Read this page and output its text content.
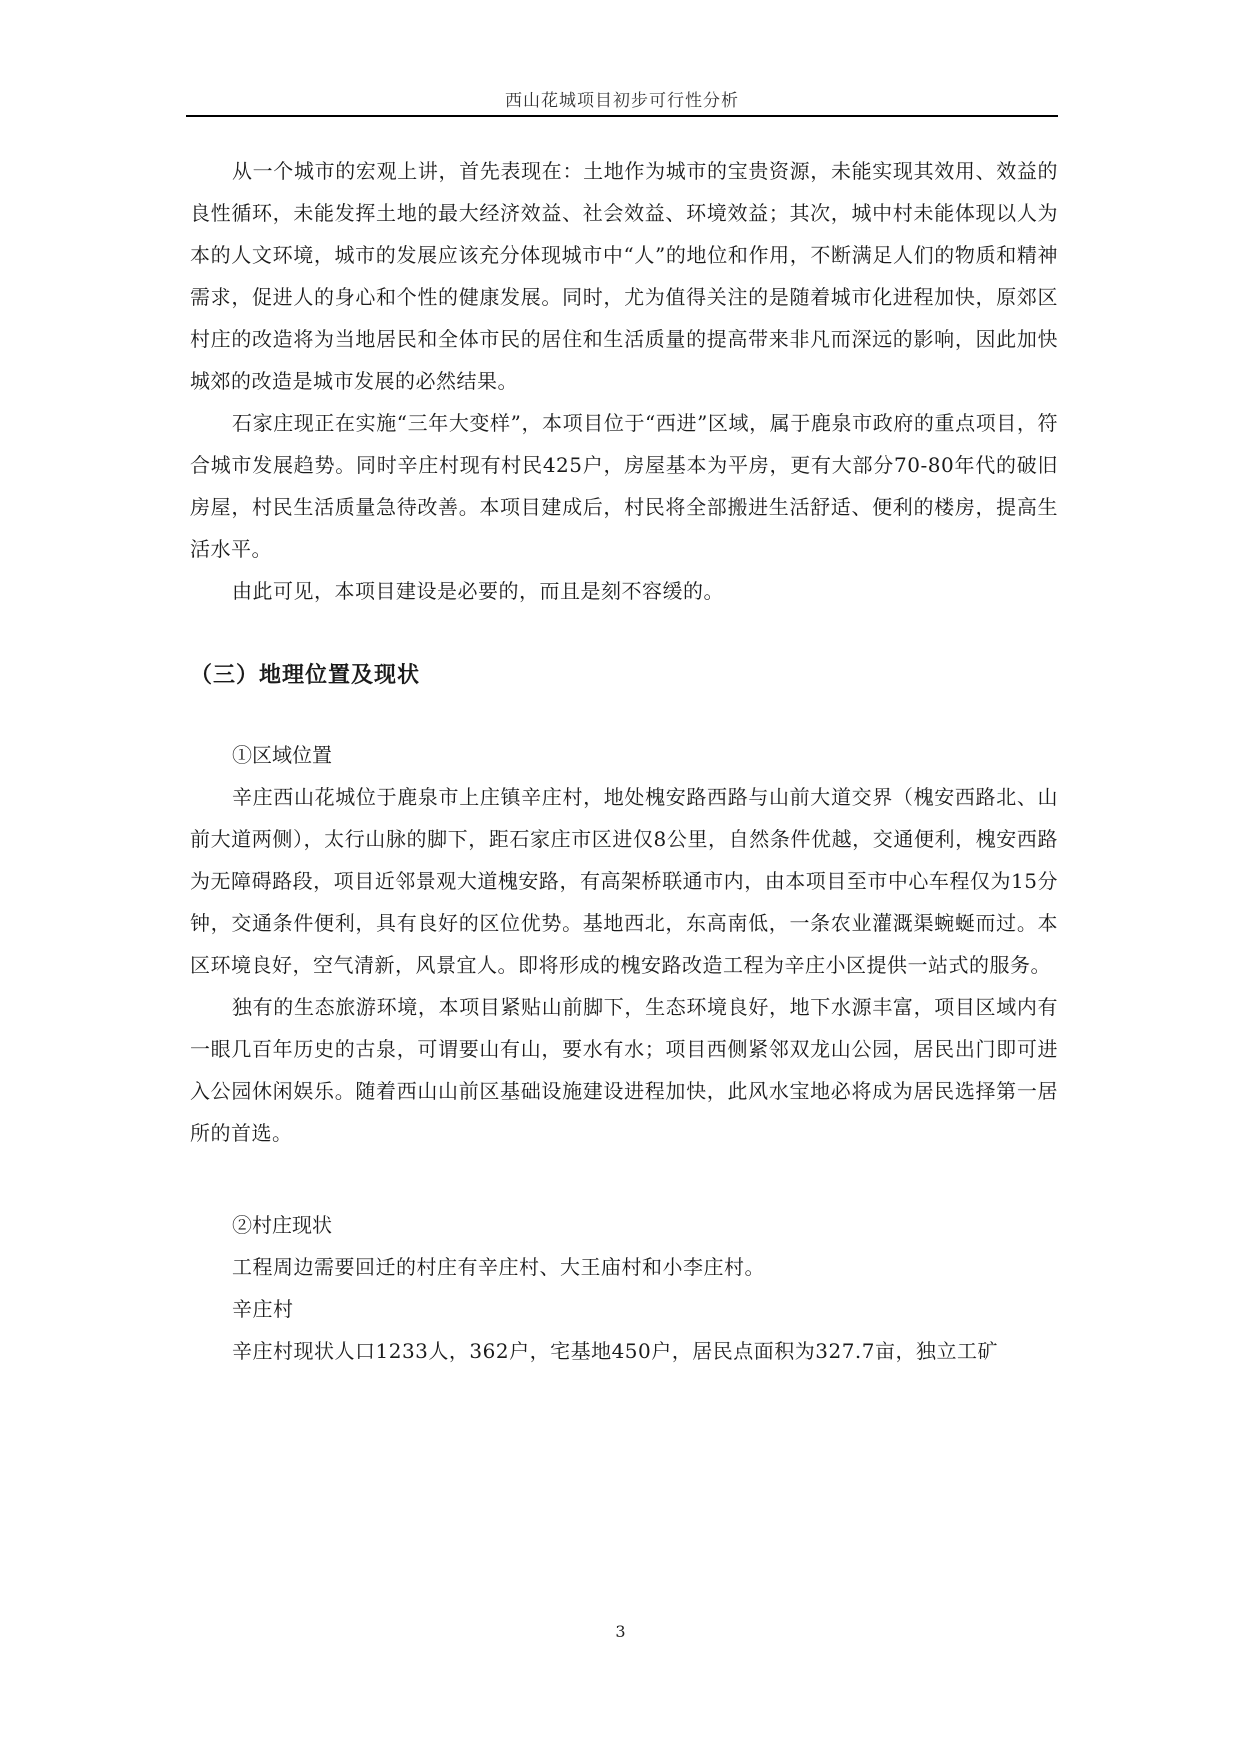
西山花城项目初步可行性分析

从一个城市的宏观上讲，首先表现在：土地作为城市的宝贵资源，未能实现其效用、效益的良性循环，未能发挥土地的最大经济效益、社会效益、环境效益；其次，城中村未能体现以人为本的人文环境，城市的发展应该充分体现城市中“人”的地位和作用，不断满足人们的物质和精神需求，促进人的身心和个性的健康发展。同时，尤为值得关注的是随着城市化进程加快，原郊区村庄的改造将为当地居民和全体市民的居住和生活质量的提高带来非凡而深远的影响，因此加快城郊的改造是城市发展的必然结果。

石家庄现正在实施“三年大变样”，本项目位于“西进”区域，属于鹿泉市政府的重点项目，符合城市发展趋势。同时辛庄村现有村民425户，房屋基本为平房，更有大部分70-80年代的破旧房屋，村民生活质量急待改善。本项目建成后，村民将全部搬进生活舒适、便利的楼房，提高生活水平。

由此可见，本项目建设是必要的，而且是刻不容缓的。

（三）地理位置及现状

①区域位置

辛庄西山花城位于鹿泉市上庄镇辛庄村，地处槐安路西路与山前大道交界（槐安西路北、山前大道两侧），太行山脉的脚下，距石家庄市区进仅8公里，自然条件优越，交通便利，槐安西路为无障碍路段，项目近邻景观大道槐安路，有高架桥联通市内，由本项目至市中心车程仅为15分钟，交通条件便利，具有良好的区位优势。基地西北，东高南低，一条农业灌溉渠蜿蜒而过。本区环境良好，空气清新，风景宜人。即将形成的槐安路改造工程为辛庄小区提供一站式的服务。

独有的生态旅游环境，本项目紧贴山前脚下，生态环境良好，地下水源丰富，项目区域内有一眼几百年历史的古泉，可谓要山有山，要水有水；项目西侧紧邻双龙山公园，居民出门即可进入公园休闲娱乐。随着西山山前区基础设施建设进程加快，此风水宝地必将成为居民选择第一居所的首选。

②村庄现状

工程周边需要回迁的村庄有辛庄村、大王庙村和小李庄村。

辛庄村

辛庄村现状人口1233人，362户，宅基地450户，居民点面积为327.7亩，独立工矿

3
